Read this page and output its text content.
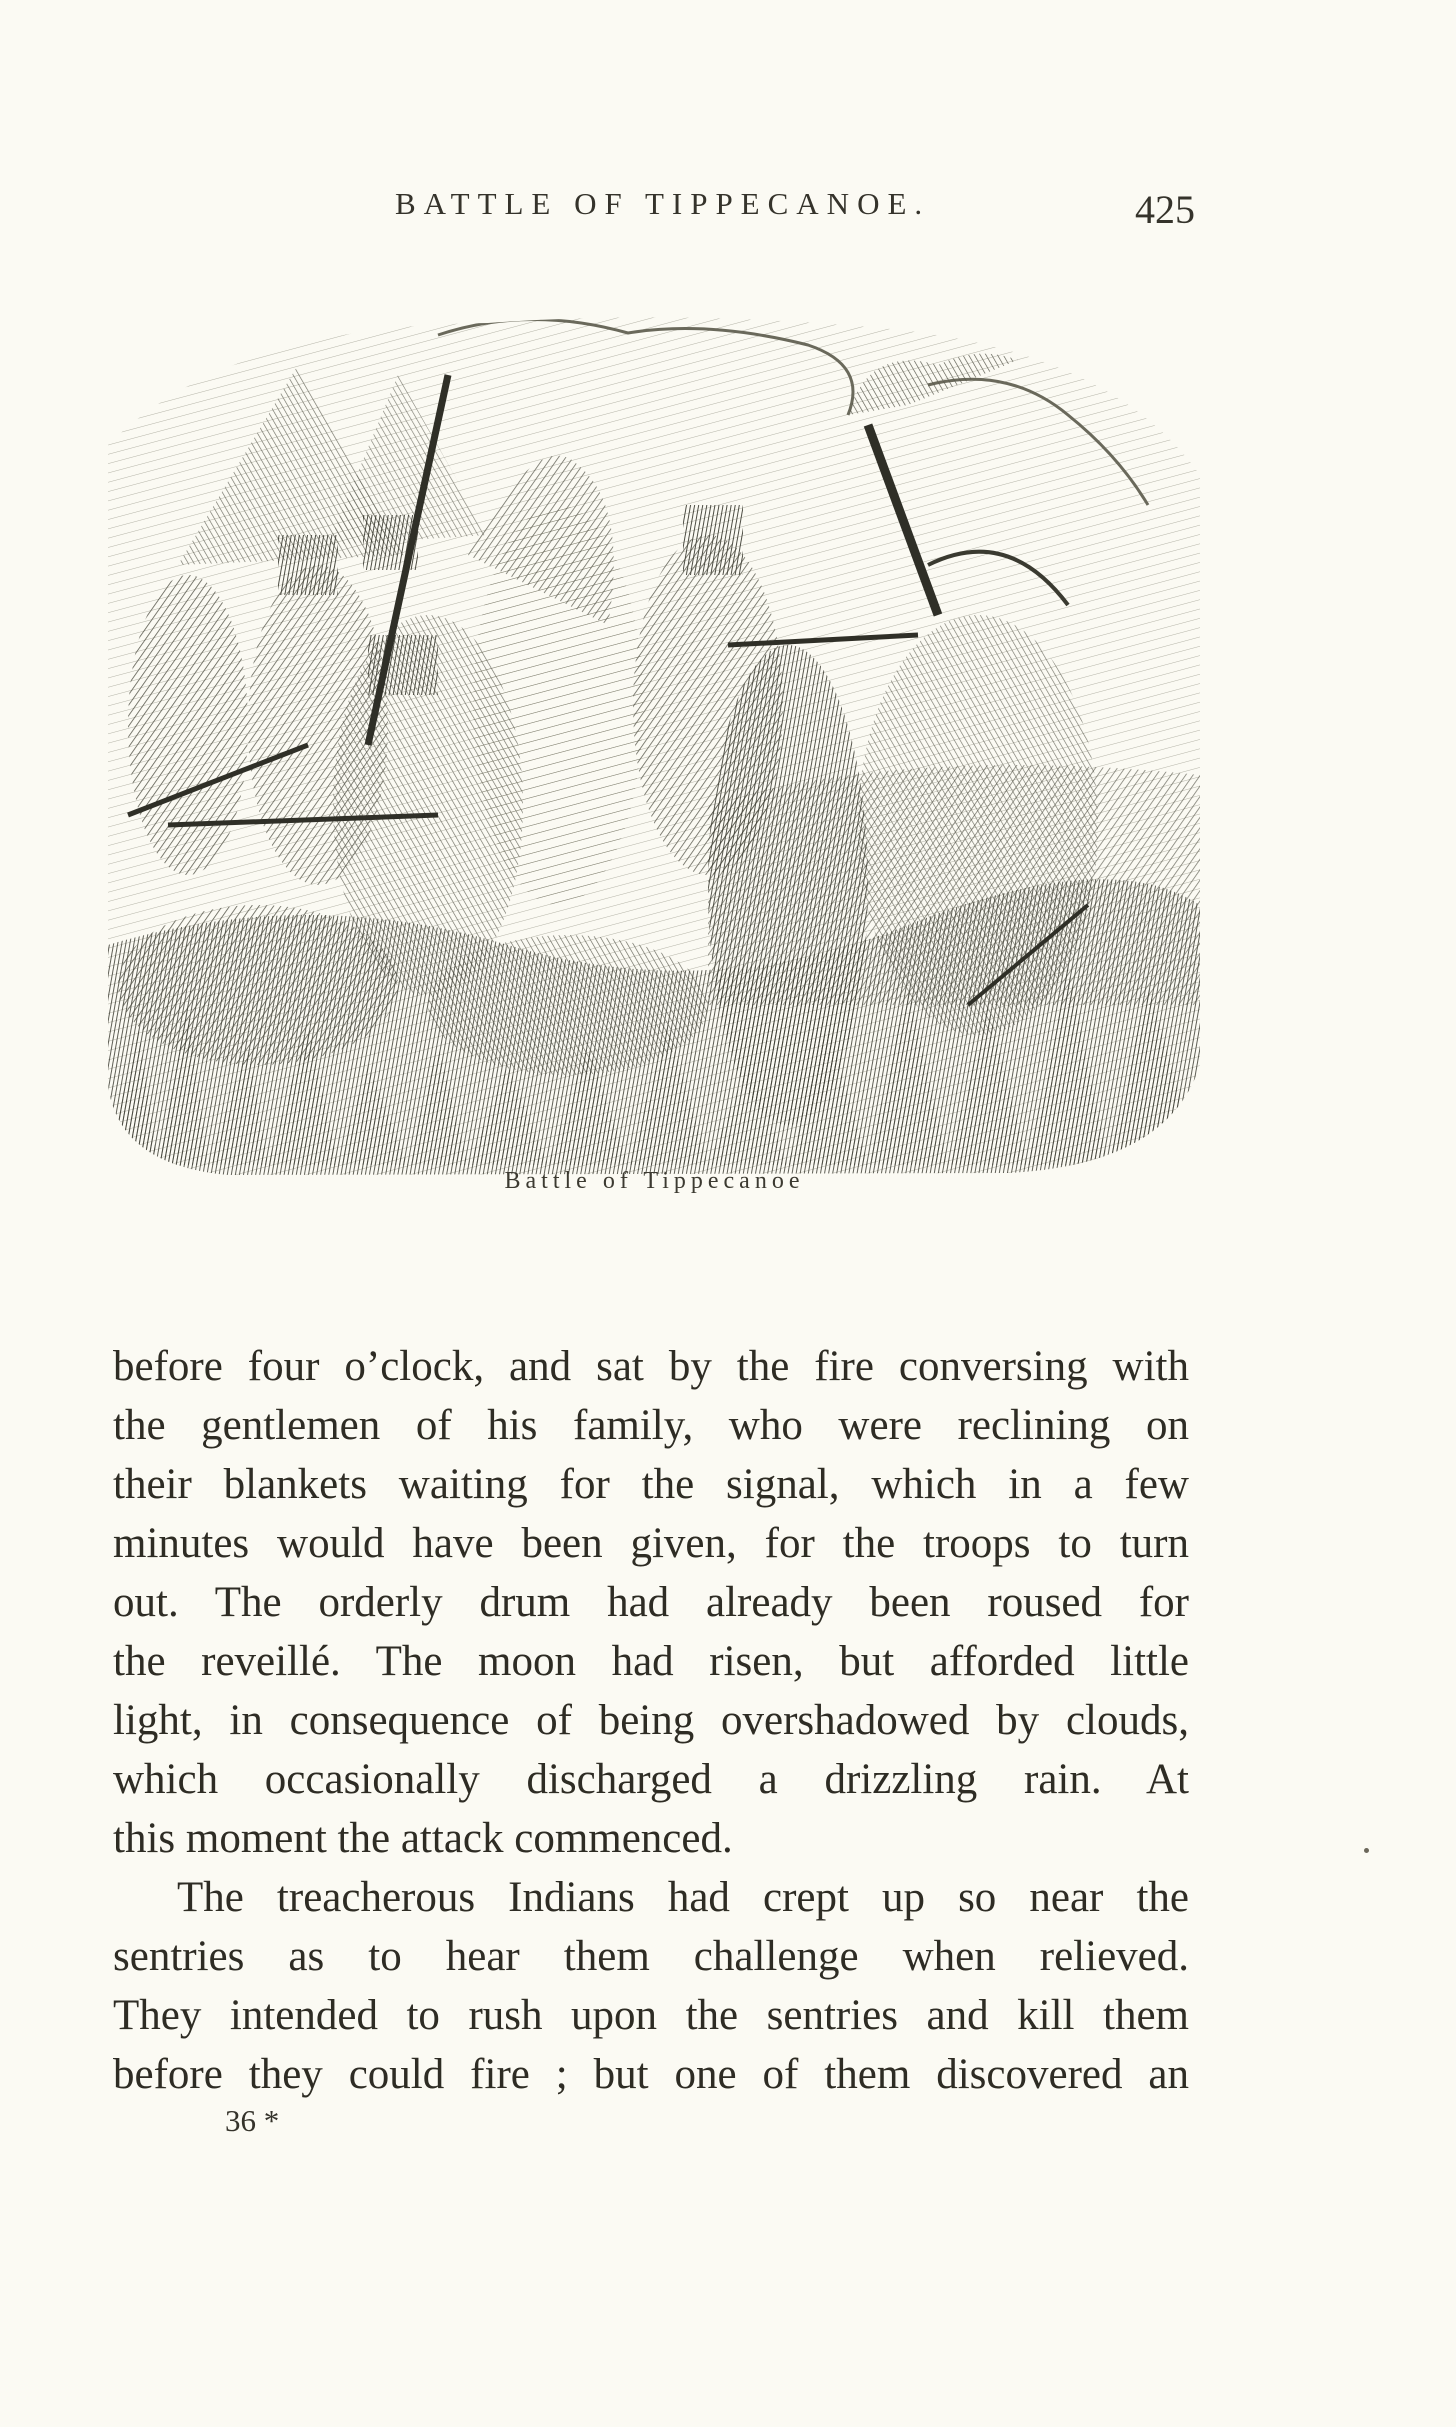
BATTLE OF TIPPECANOE.	425
Battle of Tippecanoe

before four o’clock, and sat by the fire conversing with
the gentlemen of his family, who were reclining on
their blankets waiting for the signal, which in a few
minutes would have been given, for the troops to turn
out. The orderly drum had already been roused for
the reveillé. The moon had risen, but afforded little
light, in consequence of being overshadowed by clouds,
which occasionally discharged a drizzling rain. At
this moment the attack commenced.

The treacherous Indians had crept up so near the
sentries as to hear them challenge when relieved.
They intended to rush upon the sentries and kill them
before they could fire ; but one of them discovered an

36 *
